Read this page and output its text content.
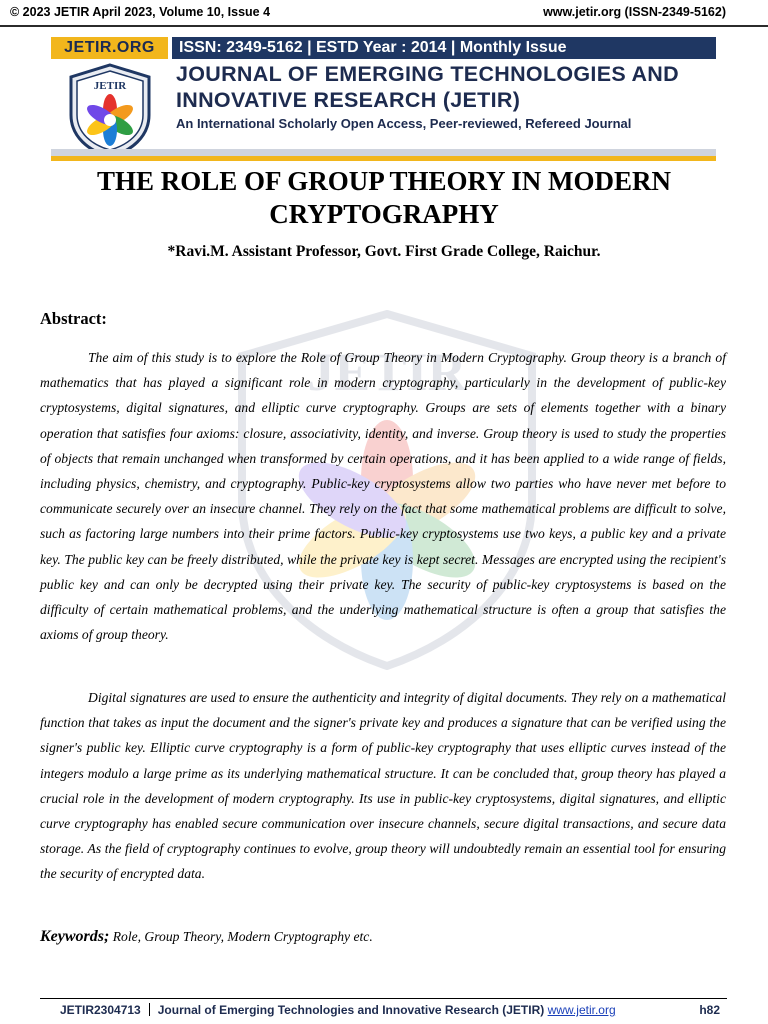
© 2023 JETIR April 2023, Volume 10, Issue 4	www.jetir.org (ISSN-2349-5162)
JETIR.ORG	ISSN: 2349-5162 | ESTD Year : 2014 | Monthly Issue
JETIR JOURNAL OF EMERGING TECHNOLOGIES AND
INNOVATIVE RESEARCH (JETIR)
An International Scholarly Open Access, Peer-reviewed, Refereed Journal
JETIR
THE ROLE OF GROUP THEORY IN MODERN
CRYPTOGRAPHY
*Ravi.M. Assistant Professor, Govt. First Grade College, Raichur.
Abstract:

The aim of this study is to explore the Role of Group Theory in Modern Cryptography. Group theory is a branch of mathematics that has played a significant role in modern cryptography, particularly in the development of public-key cryptosystems, digital signatures, and elliptic curve cryptography. Groups are sets of elements together with a binary operation that satisfies four axioms: closure, associativity, identity, and inverse. Group theory is used to study the properties of objects that remain unchanged when transformed by certain operations, and it has been applied to a wide range of fields, including physics, chemistry, and cryptography. Public-key cryptosystems allow two parties who have never met before to communicate securely over an insecure channel. They rely on the fact that some mathematical problems are difficult to solve, such as factoring large numbers into their prime factors. Public-key cryptosystems use two keys, a public key and a private key. The public key can be freely distributed, while the private key is kept secret. Messages are encrypted using the recipient's public key and can only be decrypted using their private key. The security of public-key cryptosystems is based on the difficulty of certain mathematical problems, and the underlying mathematical structure is often a group that satisfies the axioms of group theory.

Digital signatures are used to ensure the authenticity and integrity of digital documents. They rely on a mathematical function that takes as input the document and the signer's private key and produces a signature that can be verified using the signer's public key. Elliptic curve cryptography is a form of public-key cryptography that uses elliptic curves instead of the integers modulo a large prime as its underlying mathematical structure. It can be concluded that, group theory has played a crucial role in the development of modern cryptography. Its use in public-key cryptosystems, digital signatures, and elliptic curve cryptography has enabled secure communication over insecure channels, secure digital transactions, and secure data storage. As the field of cryptography continues to evolve, group theory will undoubtedly remain an essential tool for ensuring the security of encrypted data.

Keywords; Role, Group Theory, Modern Cryptography etc.
JETIR2304713 Journal of Emerging Technologies and Innovative Research (JETIR) www.jetir.org	h82
